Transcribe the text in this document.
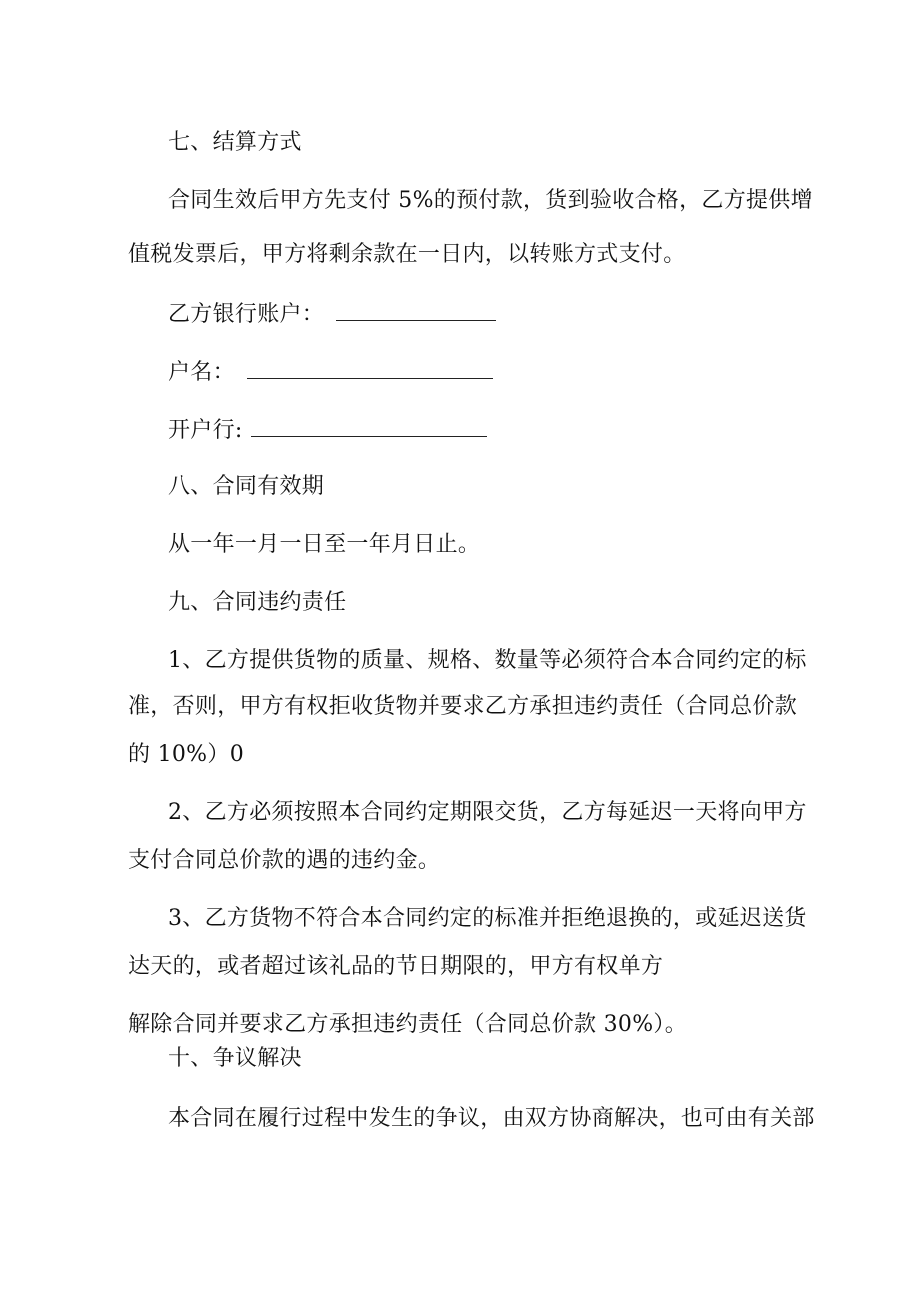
七、结算方式
合同生效后甲方先支付 5%的预付款，货到验收合格，乙方提供增
值税发票后，甲方将剩余款在一日内，以转账方式支付。
乙方银行账户：
户名：
开户行:
八、合同有效期
从一年一月一日至一年月日止。
九、合同违约责任
1、乙方提供货物的质量、规格、数量等必须符合本合同约定的标
准，否则，甲方有权拒收货物并要求乙方承担违约责任（合同总价款
的 10%）0
2、乙方必须按照本合同约定期限交货，乙方每延迟一天将向甲方
支付合同总价款的遇的违约金。
3、乙方货物不符合本合同约定的标准并拒绝退换的，或延迟送货
达天的，或者超过该礼品的节日期限的，甲方有权单方
解除合同并要求乙方承担违约责任（合同总价款 30%）。
十、争议解决
本合同在履行过程中发生的争议，由双方协商解决，也可由有关部
